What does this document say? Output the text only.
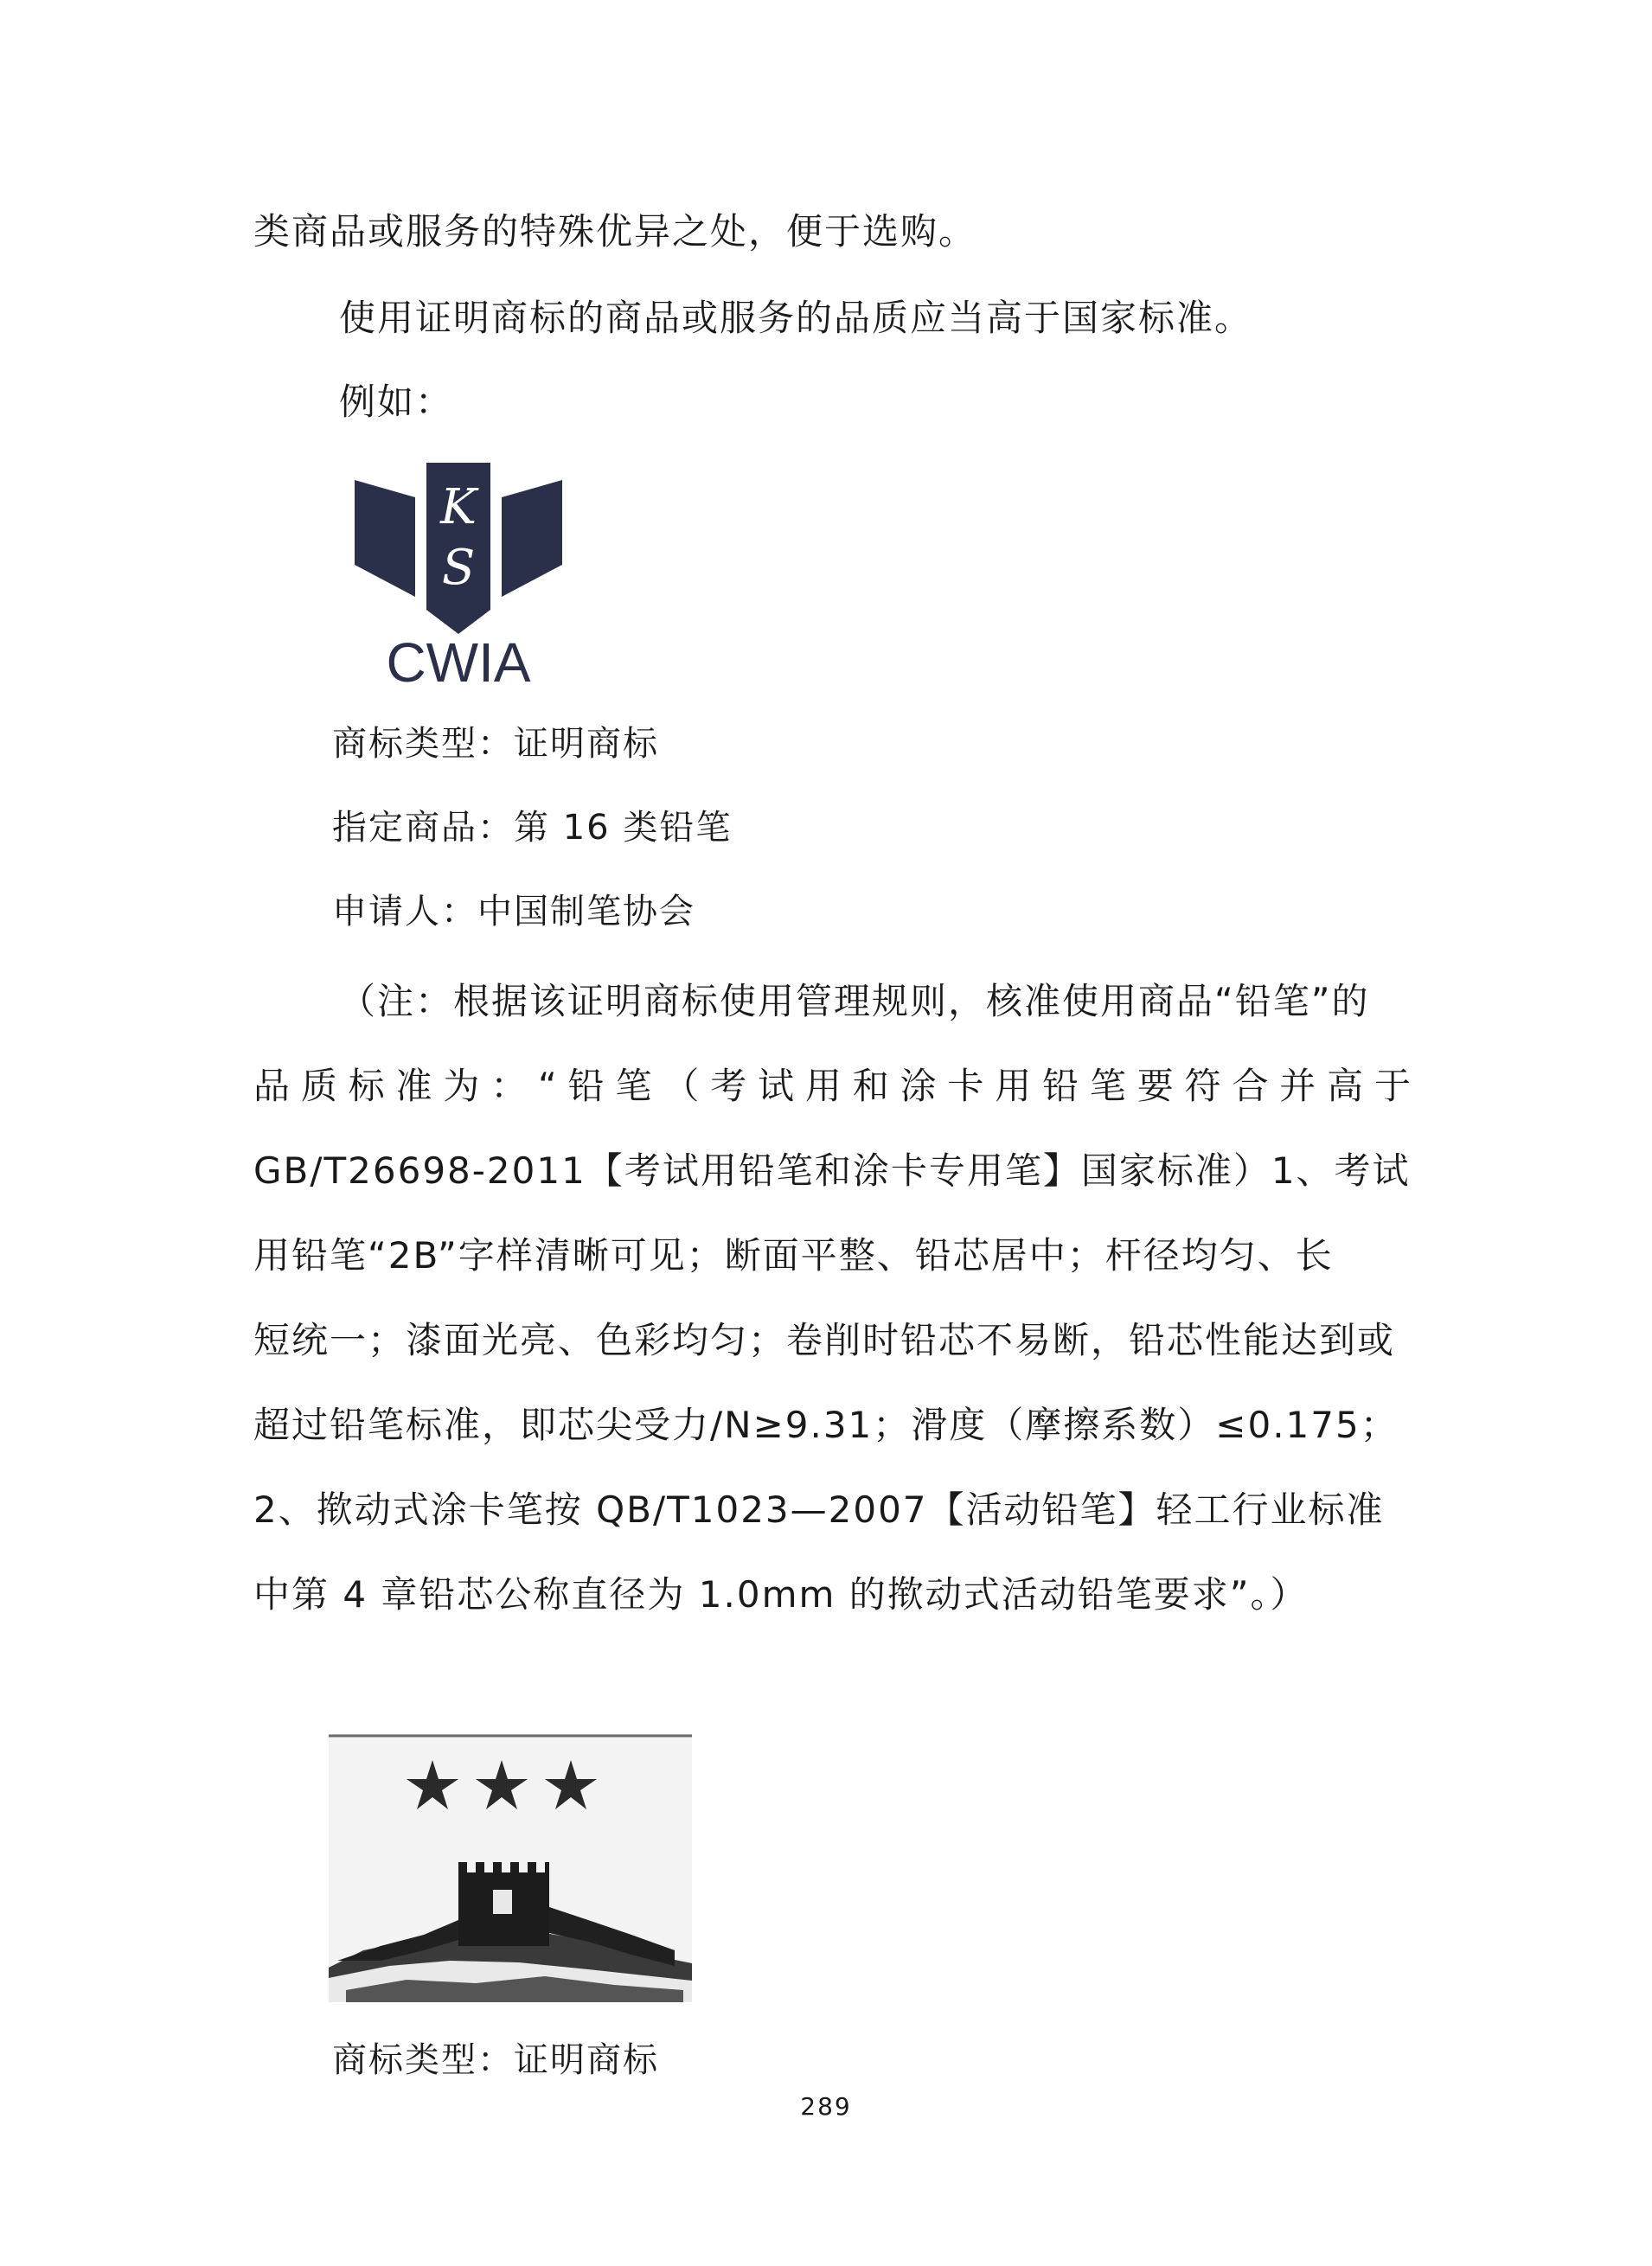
类商品或服务的特殊优异之处，便于选购。
使用证明商标的商品或服务的品质应当高于国家标准。
例如：
K
S
CWIA
商标类型：证明商标
指定商品：第 16 类铅笔
申请人：中国制笔协会
（注：根据该证明商标使用管理规则，核准使用商品“铅笔”的
品质标准为：“铅笔（考试用和涂卡用铅笔要符合并高于
GB/T26698-2011【考试用铅笔和涂卡专用笔】国家标准）1、考试
用铅笔“2B”字样清晰可见；断面平整、铅芯居中；杆径均匀、长
短统一；漆面光亮、色彩均匀；卷削时铅芯不易断，铅芯性能达到或
超过铅笔标准，即芯尖受力/N≥9.31；滑度（摩擦系数）≤0.175；
2、揿动式涂卡笔按 QB/T1023—2007【活动铅笔】轻工行业标准
中第 4 章铅芯公称直径为 1.0mm 的揿动式活动铅笔要求”。）
商标类型：证明商标
289
